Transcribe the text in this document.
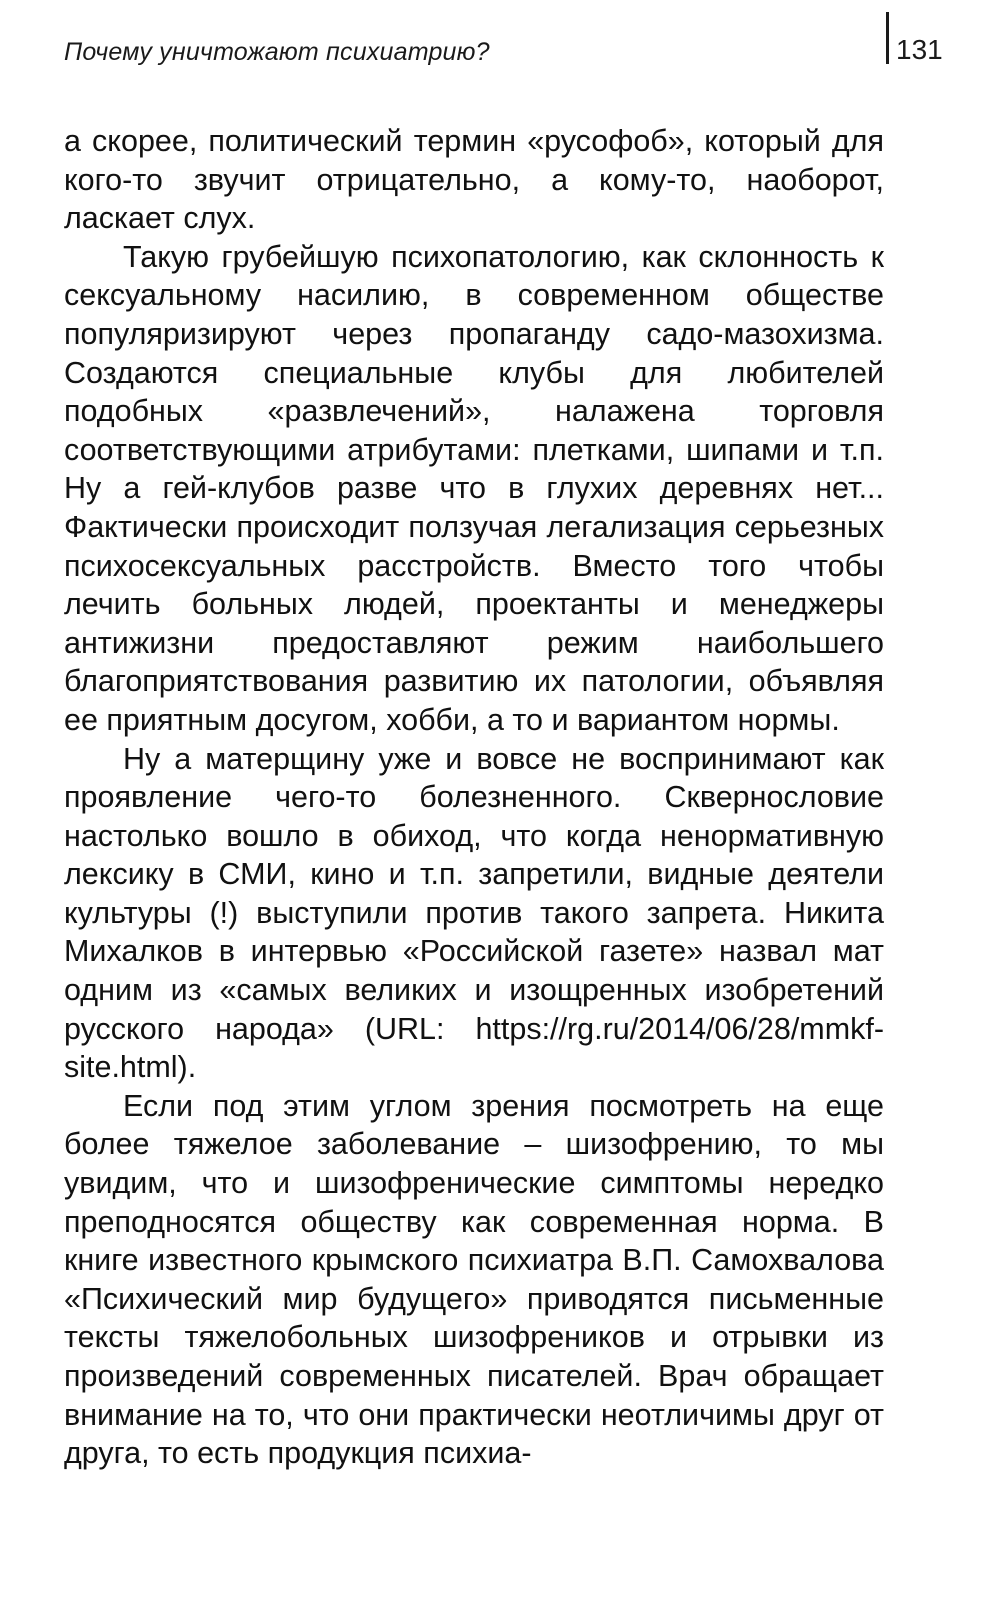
Почему уничтожают психиатрию?	131

а скорее, политический термин «русофоб», который для кого-то звучит отрицательно, а кому-то, наоборот, ласкает слух.

Такую грубейшую психопатологию, как склонность к сексуальному насилию, в современном обществе популяризируют через пропаганду садо-мазохизма. Создаются специальные клубы для любителей подобных «развлечений», налажена торговля соответствующими атрибутами: плетками, шипами и т.п. Ну а гей-клубов разве что в глухих деревнях нет... Фактически происходит ползучая легализация серьезных психосексуальных расстройств. Вместо того чтобы лечить больных людей, проектанты и менеджеры антижизни предоставляют режим наибольшего благоприятствования развитию их патологии, объявляя ее приятным досугом, хобби, а то и вариантом нормы.

Ну а матерщину уже и вовсе не воспринимают как проявление чего-то болезненного. Сквернословие настолько вошло в обиход, что когда ненормативную лексику в СМИ, кино и т.п. запретили, видные деятели культуры (!) выступили против такого запрета. Никита Михалков в интервью «Российской газете» назвал мат одним из «самых великих и изощренных изобретений русского народа» (URL: https://rg.ru/2014/06/28/mmkf-site.html).

Если под этим углом зрения посмотреть на еще более тяжелое заболевание – шизофрению, то мы увидим, что и шизофренические симптомы нередко преподносятся обществу как современная норма. В книге известного крымского психиатра В.П. Самохвалова «Психический мир будущего» приводятся письменные тексты тяжелобольных шизофреников и отрывки из произведений современных писателей. Врач обращает внимание на то, что они практически неотличимы друг от друга, то есть продукция психиа-
